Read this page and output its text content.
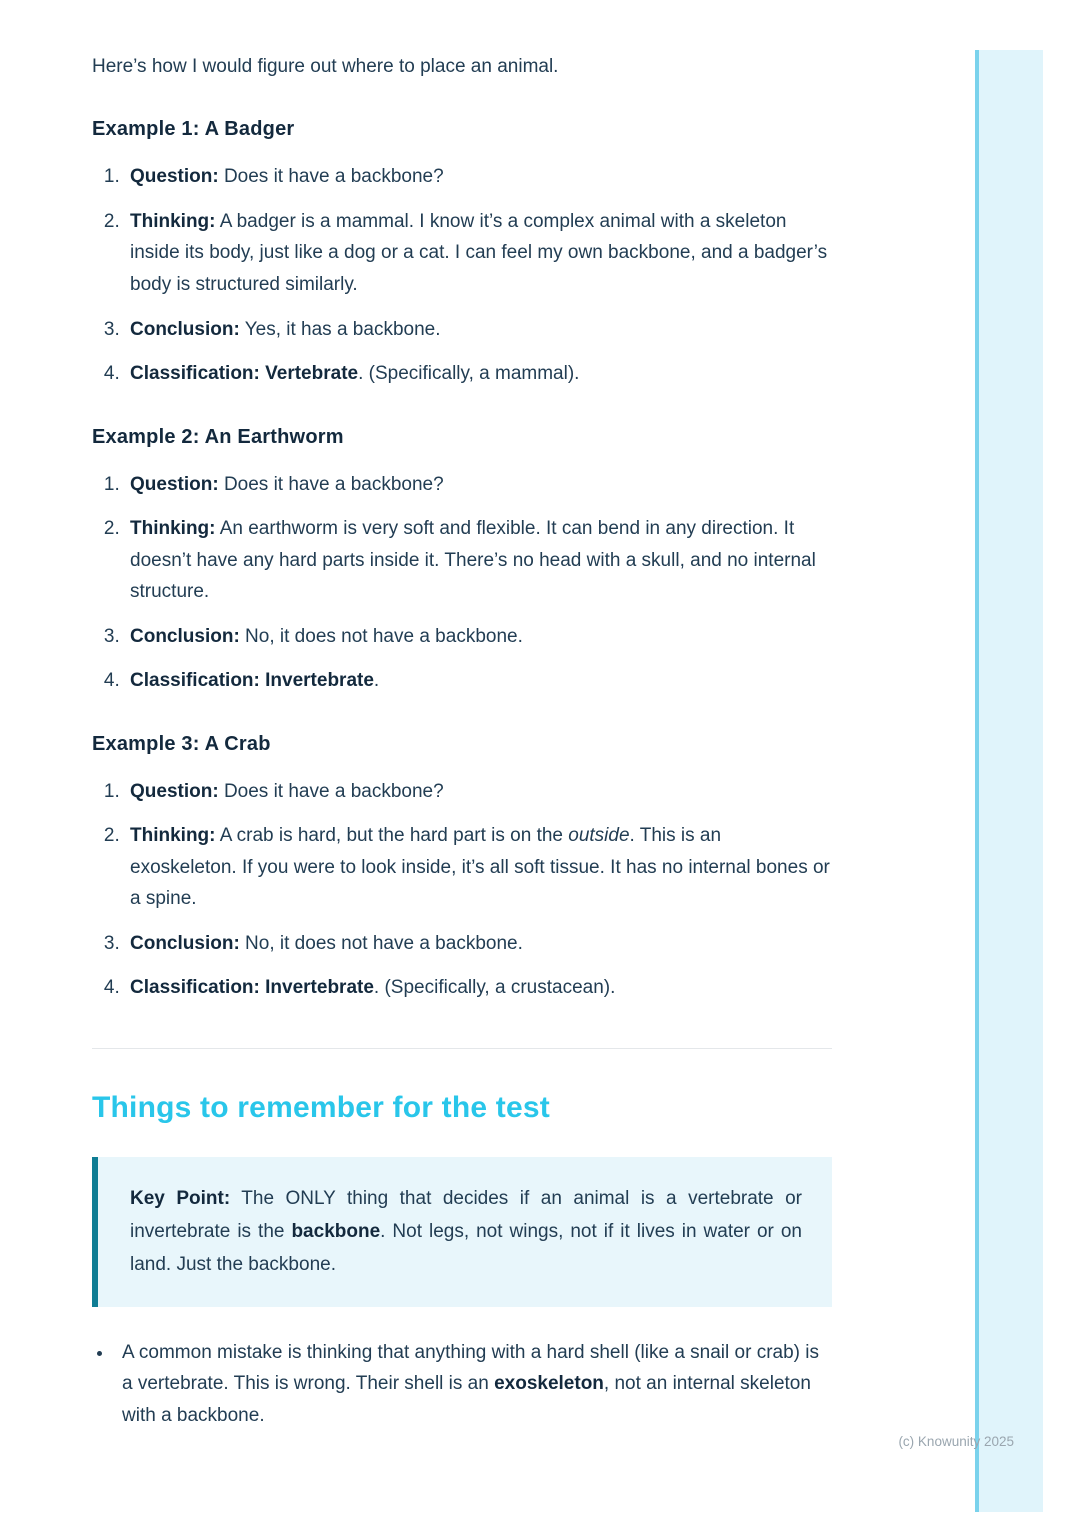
Here’s how I would figure out where to place an animal.

Example 1: A Badger
1. Question: Does it have a backbone?
2. Thinking: A badger is a mammal. I know it’s a complex animal with a skeleton inside its body, just like a dog or a cat. I can feel my own backbone, and a badger’s body is structured similarly.
3. Conclusion: Yes, it has a backbone.
4. Classification: Vertebrate. (Specifically, a mammal).
Example 2: An Earthworm
1. Question: Does it have a backbone?
2. Thinking: An earthworm is very soft and flexible. It can bend in any direction. It doesn’t have any hard parts inside it. There’s no head with a skull, and no internal structure.
3. Conclusion: No, it does not have a backbone.
4. Classification: Invertebrate.
Example 3: A Crab
1. Question: Does it have a backbone?
2. Thinking: A crab is hard, but the hard part is on the outside. This is an exoskeleton. If you were to look inside, it’s all soft tissue. It has no internal bones or a spine.
3. Conclusion: No, it does not have a backbone.
4. Classification: Invertebrate. (Specifically, a crustacean).
Things to remember for the test
Key Point: The ONLY thing that decides if an animal is a vertebrate or invertebrate is the backbone. Not legs, not wings, not if it lives in water or on land. Just the backbone.
• A common mistake is thinking that anything with a hard shell (like a snail or crab) is a vertebrate. This is wrong. Their shell is an exoskeleton, not an internal skeleton with a backbone.
(c) Knowunity 2025
